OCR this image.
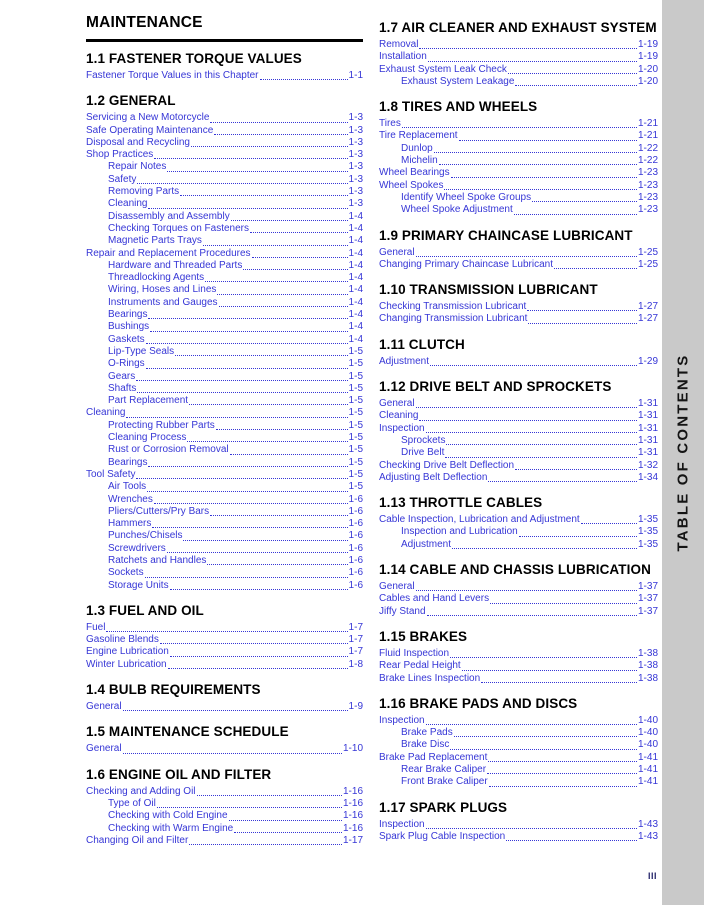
MAINTENANCE
1.1 FASTENER TORQUE VALUES
Fastener Torque Values in this Chapter	1-1
1.2 GENERAL
Servicing a New Motorcycle	1-3
Safe Operating Maintenance	1-3
Disposal and Recycling	1-3
Shop Practices	1-3
Repair Notes	1-3
Safety	1-3
Removing Parts	1-3
Cleaning	1-3
Disassembly and Assembly	1-4
Checking Torques on Fasteners	1-4
Magnetic Parts Trays	1-4
Repair and Replacement Procedures	1-4
Hardware and Threaded Parts	1-4
Threadlocking Agents	1-4
Wiring, Hoses and Lines	1-4
Instruments and Gauges	1-4
Bearings	1-4
Bushings	1-4
Gaskets	1-4
Lip-Type Seals	1-5
O-Rings	1-5
Gears	1-5
Shafts	1-5
Part Replacement	1-5
Cleaning	1-5
Protecting Rubber Parts	1-5
Cleaning Process	1-5
Rust or Corrosion Removal	1-5
Bearings	1-5
Tool Safety	1-5
Air Tools	1-5
Wrenches	1-6
Pliers/Cutters/Pry Bars	1-6
Hammers	1-6
Punches/Chisels	1-6
Screwdrivers	1-6
Ratchets and Handles	1-6
Sockets	1-6
Storage Units	1-6
1.3 FUEL AND OIL
Fuel	1-7
Gasoline Blends	1-7
Engine Lubrication	1-7
Winter Lubrication	1-8
1.4 BULB REQUIREMENTS
General	1-9
1.5 MAINTENANCE SCHEDULE
General	1-10
1.6 ENGINE OIL AND FILTER
Checking and Adding Oil	1-16
Type of Oil	1-16
Checking with Cold Engine	1-16
Checking with Warm Engine	1-16
Changing Oil and Filter	1-17
1.7 AIR CLEANER AND EXHAUST SYSTEM
Removal	1-19
Installation	1-19
Exhaust System Leak Check	1-20
Exhaust System Leakage	1-20
1.8 TIRES AND WHEELS
Tires	1-21
Tire Replacement	1-21
Dunlop	1-22
Michelin	1-22
Wheel Bearings	1-23
Wheel Spokes	1-23
Identify Wheel Spoke Groups	1-23
Wheel Spoke Adjustment	1-23
1.9 PRIMARY CHAINCASE LUBRICANT
General	1-25
Changing Primary Chaincase Lubricant	1-25
1.10 TRANSMISSION LUBRICANT
Checking Transmission Lubricant	1-27
Changing Transmission Lubricant	1-27
1.11 CLUTCH
Adjustment	1-29
1.12 DRIVE BELT AND SPROCKETS
General	1-31
Cleaning	1-31
Inspection	1-31
Sprockets	1-31
Drive Belt	1-31
Checking Drive Belt Deflection	1-32
Adjusting Belt Deflection	1-34
1.13 THROTTLE CABLES
Cable Inspection, Lubrication and Adjustment	1-35
Inspection and Lubrication	1-35
Adjustment	1-35
1.14 CABLE AND CHASSIS LUBRICATION
General	1-37
Cables and Hand Levers	1-37
Jiffy Stand	1-37
1.15 BRAKES
Fluid Inspection	1-38
Rear Pedal Height	1-38
Brake Lines Inspection	1-38
1.16 BRAKE PADS AND DISCS
Inspection	1-40
Brake Pads	1-40
Brake Disc	1-40
Brake Pad Replacement	1-41
Rear Brake Caliper	1-41
Front Brake Caliper	1-41
1.17 SPARK PLUGS
Inspection	1-43
Spark Plug Cable Inspection	1-43
TABLE OF CONTENTS
III
